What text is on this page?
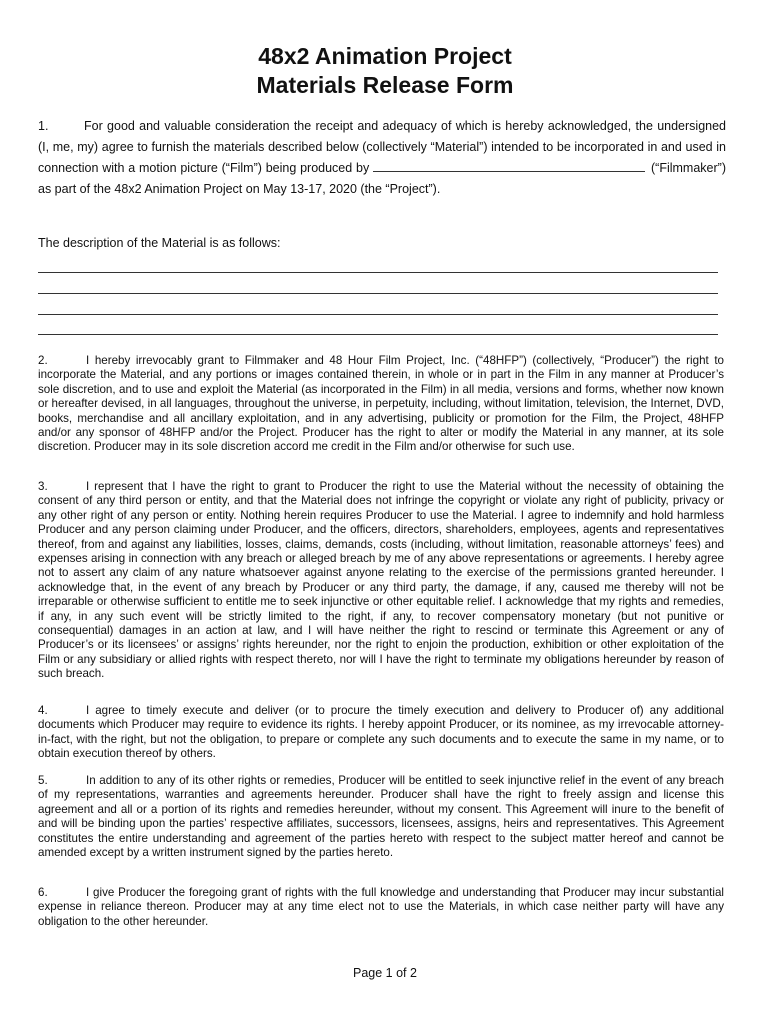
48x2 Animation Project
Materials Release Form
1.	For good and valuable consideration the receipt and adequacy of which is hereby acknowledged, the undersigned (I, me, my) agree to furnish the materials described below (collectively “Material”) intended to be incorporated in and used in connection with a motion picture (“Film”) being produced by	(“Filmmaker”) as part of the 48x2 Animation Project on May 13-17, 2020 (the “Project”).
The description of the Material is as follows:
2.	I hereby irrevocably grant to Filmmaker and 48 Hour Film Project, Inc. (“48HFP”) (collectively, “Producer”) the right to incorporate the Material, and any portions or images contained therein, in whole or in part in the Film in any manner at Producer’s sole discretion, and to use and exploit the Material (as incorporated in the Film) in all media, versions and forms, whether now known or hereafter devised, in all languages, throughout the universe, in perpetuity, including, without limitation, television, the Internet, DVD, books, merchandise and all ancillary exploitation, and in any advertising, publicity or promotion for the Film, the Project, 48HFP and/or any sponsor of 48HFP and/or the Project. Producer has the right to alter or modify the Material in any manner, at its sole discretion. Producer may in its sole discretion accord me credit in the Film and/or otherwise for such use.
3.	I represent that I have the right to grant to Producer the right to use the Material without the necessity of obtaining the consent of any third person or entity, and that the Material does not infringe the copyright or violate any right of publicity, privacy or any other right of any person or entity. Nothing herein requires Producer to use the Material. I agree to indemnify and hold harmless Producer and any person claiming under Producer, and the officers, directors, shareholders, employees, agents and representatives thereof, from and against any liabilities, losses, claims, demands, costs (including, without limitation, reasonable attorneys’ fees) and expenses arising in connection with any breach or alleged breach by me of any above representations or agreements. I hereby agree not to assert any claim of any nature whatsoever against anyone relating to the exercise of the permissions granted hereunder. I acknowledge that, in the event of any breach by Producer or any third party, the damage, if any, caused me thereby will not be irreparable or otherwise sufficient to entitle me to seek injunctive or other equitable relief. I acknowledge that my rights and remedies, if any, in any such event will be strictly limited to the right, if any, to recover compensatory monetary (but not punitive or consequential) damages in an action at law, and I will have neither the right to rescind or terminate this Agreement or any of Producer’s or its licensees’ or assigns’ rights hereunder, nor the right to enjoin the production, exhibition or other exploitation of the Film or any subsidiary or allied rights with respect thereto, nor will I have the right to terminate my obligations hereunder by reason of such breach.
4.	I agree to timely execute and deliver (or to procure the timely execution and delivery to Producer of) any additional documents which Producer may require to evidence its rights. I hereby appoint Producer, or its nominee, as my irrevocable attorney-in-fact, with the right, but not the obligation, to prepare or complete any such documents and to execute the same in my name, or to obtain execution thereof by others.
5.	In addition to any of its other rights or remedies, Producer will be entitled to seek injunctive relief in the event of any breach of my representations, warranties and agreements hereunder. Producer shall have the right to freely assign and license this agreement and all or a portion of its rights and remedies hereunder, without my consent. This Agreement will inure to the benefit of and will be binding upon the parties’ respective affiliates, successors, licensees, assigns, heirs and representatives. This Agreement constitutes the entire understanding and agreement of the parties hereto with respect to the subject matter hereof and cannot be amended except by a written instrument signed by the parties hereto.
6.	I give Producer the foregoing grant of rights with the full knowledge and understanding that Producer may incur substantial expense in reliance thereon. Producer may at any time elect not to use the Materials, in which case neither party will have any obligation to the other hereunder.
Page 1 of 2
